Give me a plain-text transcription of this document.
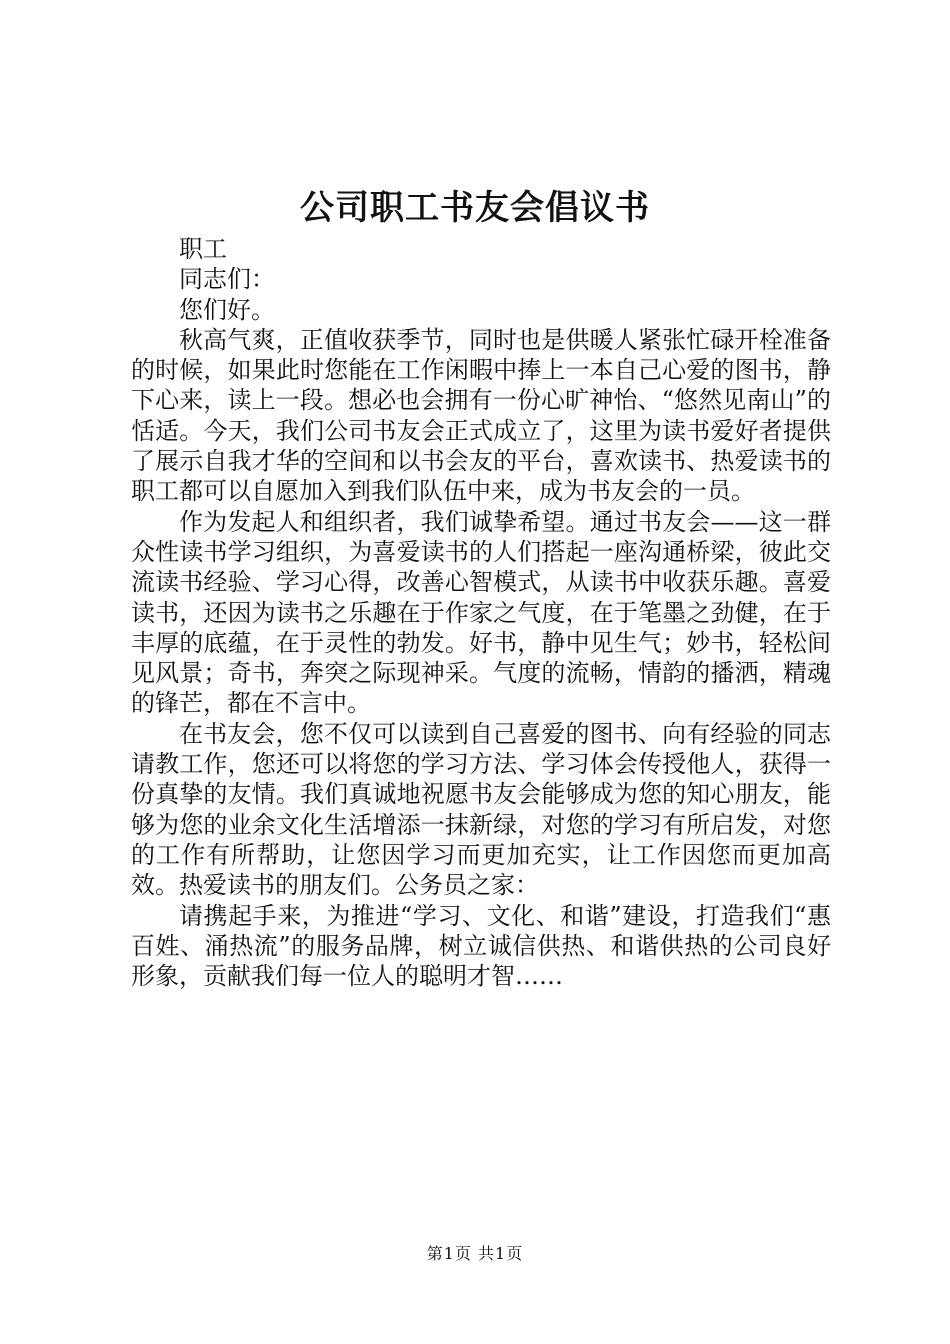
公司职工书友会倡议书

职工

同志们：

您们好。

秋高气爽，正值收获季节，同时也是供暖人紧张忙碌开栓准备的时候，如果此时您能在工作闲暇中捧上一本自己心爱的图书，静下心来，读上一段。想必也会拥有一份心旷神怡、“悠然见南山”的恬适。今天，我们公司书友会正式成立了，这里为读书爱好者提供了展示自我才华的空间和以书会友的平台，喜欢读书、热爱读书的职工都可以自愿加入到我们队伍中来，成为书友会的一员。

作为发起人和组织者，我们诚挚希望。通过书友会——这一群众性读书学习组织，为喜爱读书的人们搭起一座沟通桥梁，彼此交流读书经验、学习心得，改善心智模式，从读书中收获乐趣。喜爱读书，还因为读书之乐趣在于作家之气度，在于笔墨之劲健，在于丰厚的底蕴，在于灵性的勃发。好书，静中见生气；妙书，轻松间见风景；奇书，奔突之际现神采。气度的流畅，情韵的播洒，精魂的锋芒，都在不言中。

在书友会，您不仅可以读到自己喜爱的图书、向有经验的同志请教工作，您还可以将您的学习方法、学习体会传授他人，获得一份真挚的友情。我们真诚地祝愿书友会能够成为您的知心朋友，能够为您的业余文化生活增添一抹新绿，对您的学习有所启发，对您的工作有所帮助，让您因学习而更加充实，让工作因您而更加高效。热爱读书的朋友们。公务员之家：

请携起手来，为推进“学习、文化、和谐”建设，打造我们“惠百姓、涌热流”的服务品牌，树立诚信供热、和谐供热的公司良好形象，贡献我们每一位人的聪明才智……

第1页 共1页
